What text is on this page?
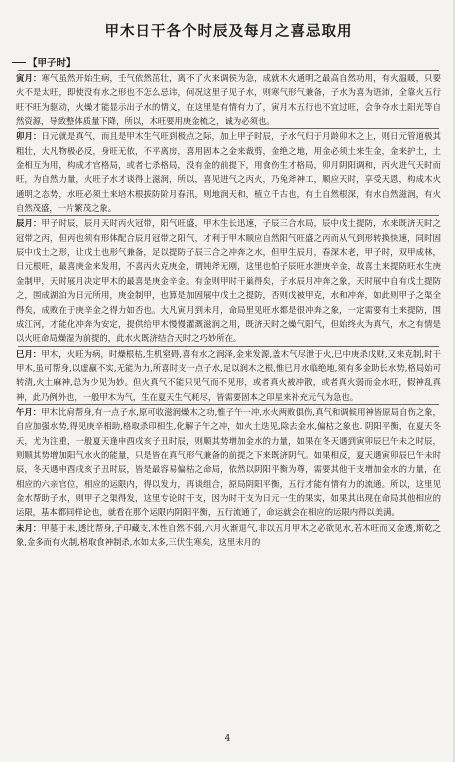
甲木日干各个时辰及每月之喜忌取用
【甲子时】

寅月：寒气虽然开始生病，壬气依然茁壮，离不了火来调侯为急，成就木火通明之最高自然功用，有火温暖，只要火不是太旺，即使没有水之形也不怎么忌讳，何况这里子见子水，则寒气形气兼备，子水为喜为语沛，全靠火五行旺不旺为驱动，火燥才能显示出子水的情义，在这里是有情有力了，寅月木五行也不宜过旺，会争夺水土阳光等自然资源，导致整体质量下降，所以，木旺要用庚金梳之，诚为必须也。

卯月：日元就是真气，而且是甲木生气旺到极点之际，加上甲子时辰，子水气归于月龄卯木之上，则日元管道极其粗壮，大凡物极必反，身旺无依，不平离房，喜用固本之金来裁剪，金绝之地，用金必须土来生金，金来护土，土金相互为用，构成才官格局，或者七杀格局，没有金的前提下，用食伤生才格局，卯月阴阳调和，丙火进气天时而旺，为自然力量，火旺子水才谈得上滋润，所以，喜见进气之丙火，乃兔斧神工，顺应天时，享受天恩，构成木火通明之态势，水旺必须土来培木根拔防阶月春汛，则地润天和，植立千古也，有土自然根深，有水自然滋润，有火自然茂盛，一片繁茂之象。

辰月：甲子时辰，辰月天时丙火冠带，阳气旺盛，甲木生长迅速，子辰三合水局，辰中戊土提防，水来既济天时之冠带之丙，但丙也须有形体配合辰月冠带之阳气，才利于甲木顺应自然阳气旺盛之丙而从气到形转换快速，同时固辰中戊土之形，让戊土也形气兼备，足以提防子辰三合之冲奔之水，但甲生辰月，春深木老，甲子时，双甲成林，日元根旺，最喜庚金来发用，不喜丙火克庚金，谓钝斧无刚，这里也怕子辰旺水泄庚辛金，故喜土来提防旺水生庚金制甲，天时展月决定甲木的最喜是庚金辛金。有金则甲时干巢得矣，子水辰月冲奔之象，天时展中自有戊土提防之，围成湖泊为日元所用，庚金制甲，也算是加固展中戊土之提防，否则戊被甲克，水和冲奔，如此则甲子之渠全得矣，成败在于庚辛金之得力如否也。大凡寅月到未月，命局里见旺水都是很冲奔之象，一定需要有土来提防，围成江河，才能化冲奔为安定，提供给甲木慢慢灌溉滋润之用，既济天时之燥气阳气，但始终火为真气，水之有情是以火旺命局燥湿为前提的，此水火既济结合天时之巧妙所在。

巳月：甲木，火旺为病，时燥根枯,生机窒碍,喜有水之润泽,金来发源,盖木气尽泄于火,巳中庚杀戊财,又来克制,时干甲木,虽可帮身,以虚羸不实,无能为力,所喜时支一点子水,足以润木之根,惟巳月水临绝地,须有多金助长水势,格局始可转清,火土麻神,总为少见为妙。但火真气不能只见气而不见形，或者真火被冲散，或者真火弱而金水旺，假神乱真神，此乃例外也，一般甲木为气，生在夏天生气耗尽，皆需要固本之印星来补充元气为急也。

午月：甲木比肩帮身,有一点子水,原可收滋润燥木之功,惟子午一冲,水火两败俱伤,真气和调候用神皆原局自伤之象，自应加强水势,得见庚辛相助,格取杀印相生,化解子午之冲，如火土迭见,除去金水,偏枯之象也. 阴阳平衡，在夏天冬天，尤为注重，一般夏天逢申酉戌亥子丑时辰，则顺其势增加金水的力量，如果在冬天遇到寅卯辰巳午未之时辰，则顺其势增加阳气水火的能量，只是皆在真气形气兼备的前提之下来既济阴气。如果相反，夏天遇寅卯辰巳午未时辰，冬天遇申酉戌亥子丑时辰，皆是最容易偏枯之命局，依然以阴阳平衡为尊，需要其他干支增加金水的力量，在相应的六亲官位，相应的运限内，得以发力，再谈组合，原局阴阳平衡，五行才能有情有力的流通。所以，这里见金水帮助子水，则甲子之渠得发，这里专论时干支，因为时干支为日元一生的果实，如果其出现在命局其他相应的运限，基本都同样论也，就看在那个运限内阴阳平衡，五行流通了，命运就会在相应的运限内得以美满。

未月：甲墓于未,透比帮身,子印藏支,木性自然不弱,六月火渐退气,非以五月甲木之必欲见水,若木旺而又金透,斯乾之象,金多而有火制,格取食神制杀,水如太多,三伏生寒矣，这里未月的

4
